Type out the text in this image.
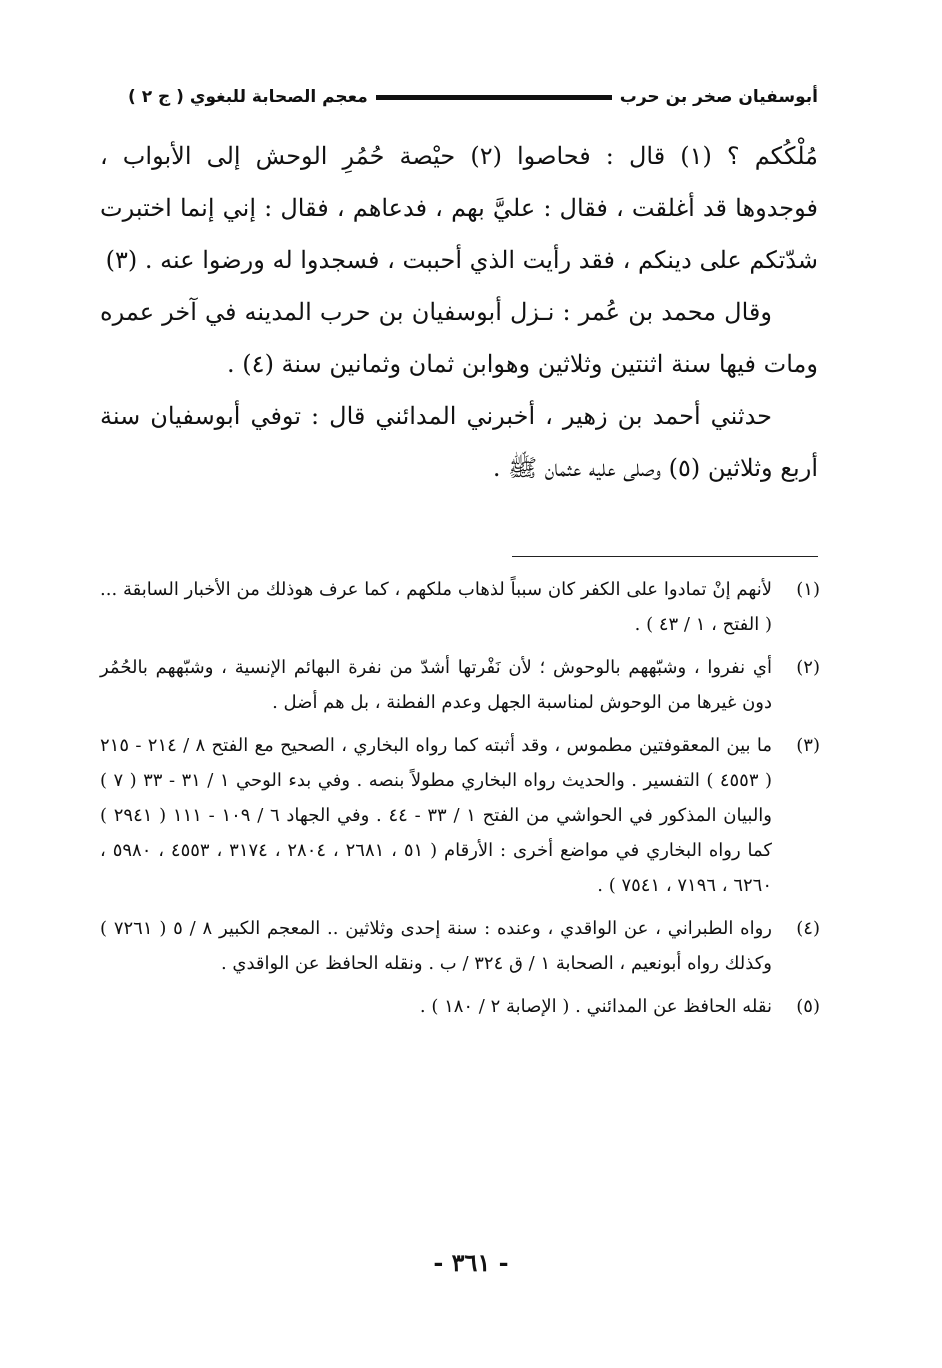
معجم الصحابة للبغوي ( ج ٢ )	أبوسفيان صخر بن حرب

مُلْكُكم ؟ (١) قال : فحاصوا (٢) حيْصة حُمُرِ الوحش إلى الأبواب ، فوجدوها قد أغلقت ، فقال : عليَّ بهم ، فدعاهم ، فقال : إني إنما اختبرت شدّتكم على دينكم ، فقد رأيت الذي أحببت ، فسجدوا له ورضوا عنه . (٣)

وقال محمد بن عُمر : نـزل أبوسفيان بن حرب المدينه في آخر عمره ومات فيها سنة اثنتين وثلاثين وهوابن ثمان وثمانين سنة (٤) .

حدثني أحمد بن زهير ، أخبرني المدائني قال : توفي أبوسفيان سنة أربع وثلاثين (٥) وصلى عليه عثمان ﷺ .

(١)
لأنهم إنْ تمادوا على الكفر كان سبباً لذهاب ملكهم ، كما عرف هوذلك من الأخبار السابقة ... ( الفتح ، ١ / ٤٣ ) .
(٢)
أي نفروا ، وشبّههم بالوحوش ؛ لأن نَفْرتها أشدّ من نفرة البهائم الإنسية ، وشبّههم بالحُمُر دون غيرها من الوحوش لمناسبة الجهل وعدم الفطنة ، بل هم أضل .
(٣)
ما بين المعقوفتين مطموس ، وقد أثبته كما رواه البخاري ، الصحيح مع الفتح ٨ / ٢١٤ - ٢١٥ ( ٤٥٥٣ ) التفسير . والحديث رواه البخاري مطولاً بنصه . وفي بدء الوحي ١ / ٣١ - ٣٣ ( ٧ ) والبيان المذكور في الحواشي من الفتح ١ / ٣٣ - ٤٤ . وفي الجهاد ٦ / ١٠٩ - ١١١ ( ٢٩٤١ ) كما رواه البخاري في مواضع أخرى : الأرقام ( ٥١ ، ٢٦٨١ ، ٢٨٠٤ ، ٣١٧٤ ، ٤٥٥٣ ، ٥٩٨٠ ، ٦٢٦٠ ، ٧١٩٦ ، ٧٥٤١ ) .
(٤)
رواه الطبراني ، عن الواقدي ، وعنده : سنة إحدى وثلاثين .. المعجم الكبير ٨ / ٥ ( ٧٢٦١ ) وكذلك رواه أبونعيم ، الصحابة ١ / ق ٣٢٤ / ب . ونقله الحافظ عن الواقدي .
(٥)
نقله الحافظ عن المدائني . ( الإصابة ٢ / ١٨٠ ) .
- ٣٦١ -
